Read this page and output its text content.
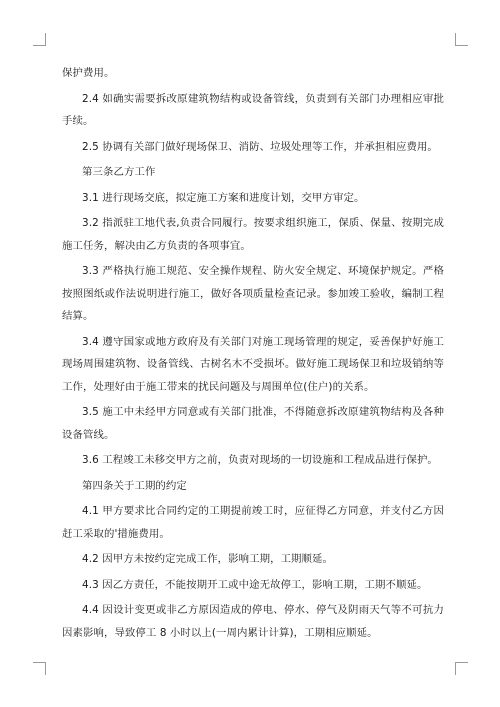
保护费用。

2.4 如确实需要拆改原建筑物结构或设备管线，负责到有关部门办理相应审批手续。

2.5 协调有关部门做好现场保卫、消防、垃圾处理等工作，并承担相应费用。

第三条乙方工作

3.1 进行现场交底，拟定施工方案和进度计划，交甲方审定。

3.2 指派驻工地代表,负责合同履行。按要求组织施工，保质、保量、按期完成施工任务，解决由乙方负责的各项事宜。

3.3 严格执行施工规范、安全操作规程、防火安全规定、环境保护规定。严格按照图纸或作法说明进行施工，做好各项质量检查记录。参加竣工验收，编制工程结算。

3.4 遵守国家或地方政府及有关部门对施工现场管理的规定，妥善保护好施工现场周围建筑物、设备管线、古树名木不受损坏。做好施工现场保卫和垃圾销纳等工作，处理好由于施工带来的扰民问题及与周围单位(住户)的关系。

3.5 施工中未经甲方同意或有关部门批准，不得随意拆改原建筑物结构及各种设备管线。

3.6 工程竣工未移交甲方之前，负责对现场的一切设施和工程成品进行保护。

第四条关于工期的约定

4.1 甲方要求比合同约定的工期提前竣工时，应征得乙方同意，并支付乙方因赶工采取的'措施费用。

4.2 因甲方未按约定完成工作，影响工期，工期顺延。

4.3 因乙方责任，不能按期开工或中途无故停工，影响工期，工期不顺延。

4.4 因设计变更或非乙方原因造成的停电、停水、停气及阴雨天气等不可抗力因素影响，导致停工 8 小时以上(一周内累计计算)，工期相应顺延。
